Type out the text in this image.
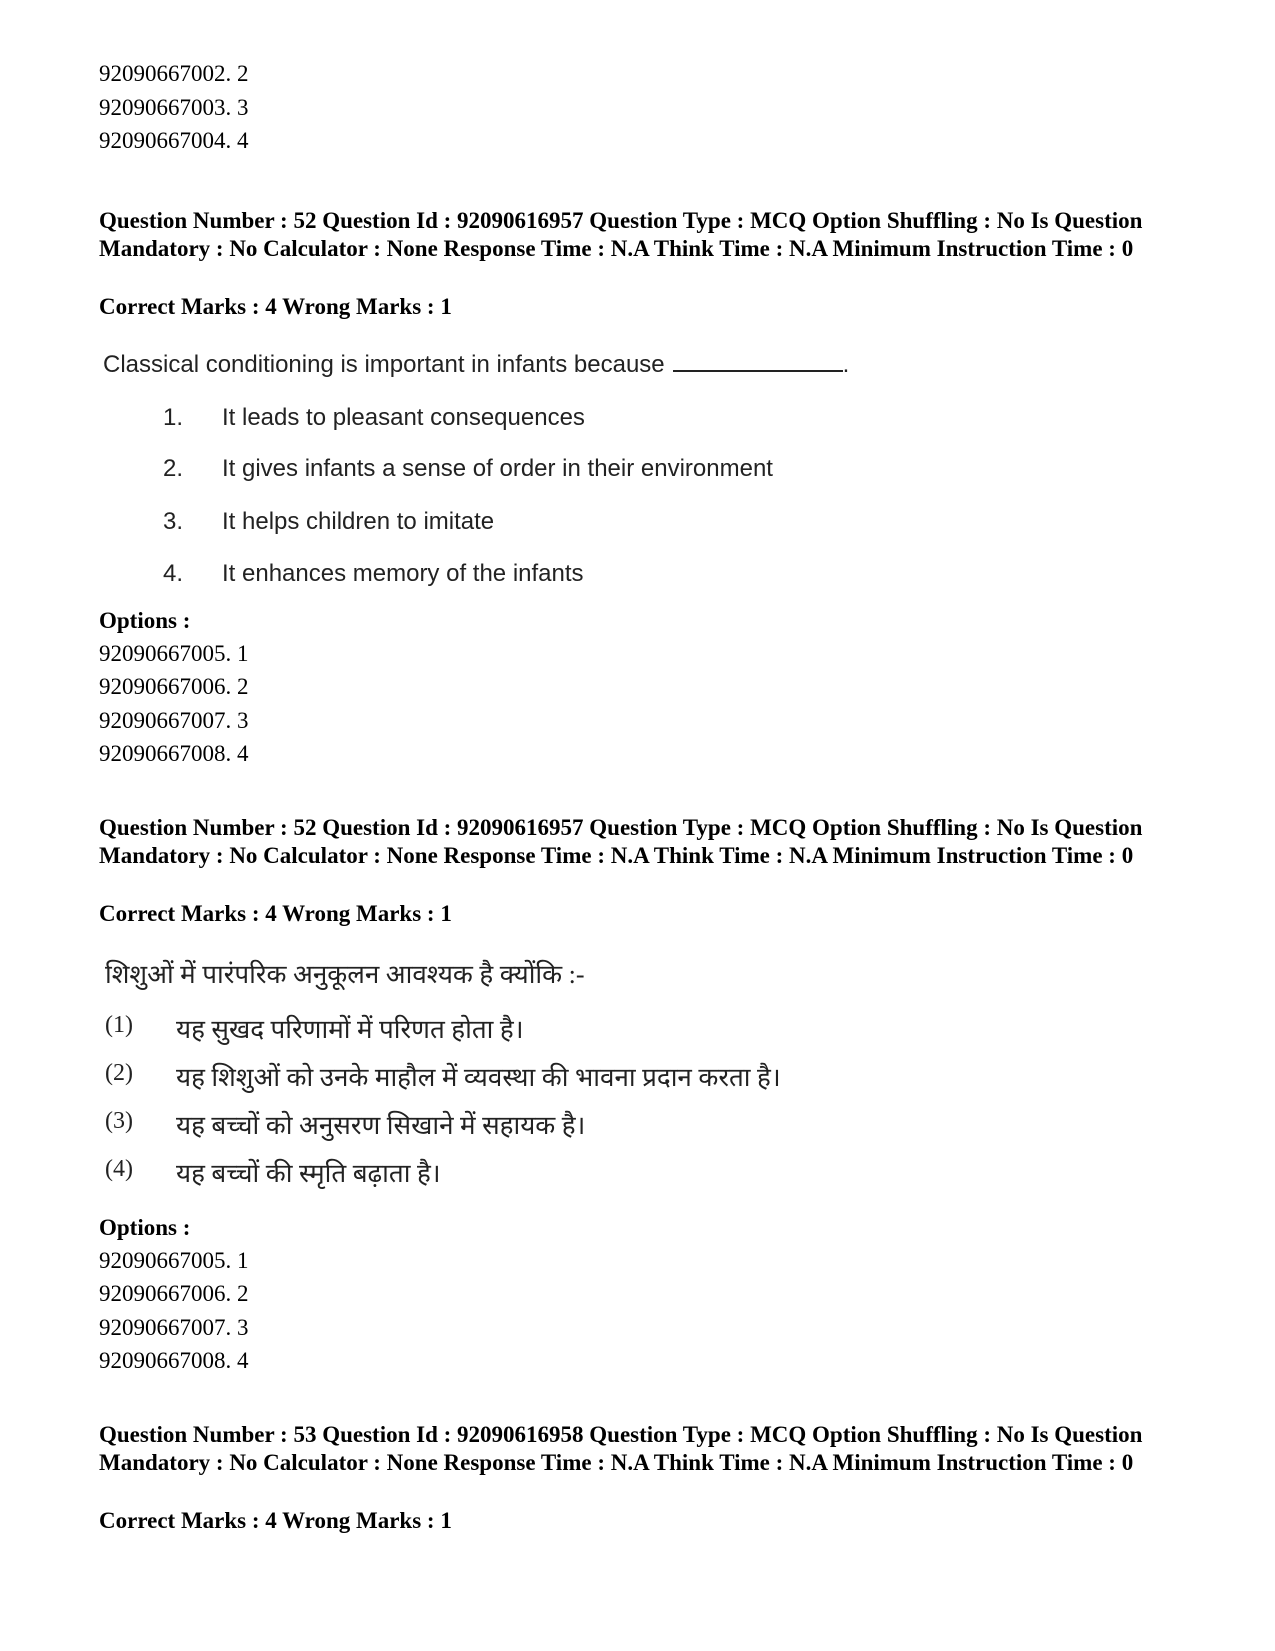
92090667002. 2
92090667003. 3
92090667004. 4
Question Number : 52 Question Id : 92090616957 Question Type : MCQ Option Shuffling : No Is Question Mandatory : No Calculator : None Response Time : N.A Think Time : N.A Minimum Instruction Time : 0
Correct Marks : 4 Wrong Marks : 1
Classical conditioning is important in infants because	.
1. It leads to pleasant consequences
2. It gives infants a sense of order in their environment
3. It helps children to imitate
4. It enhances memory of the infants
Options :
92090667005. 1
92090667006. 2
92090667007. 3
92090667008. 4
Question Number : 52 Question Id : 92090616957 Question Type : MCQ Option Shuffling : No Is Question Mandatory : No Calculator : None Response Time : N.A Think Time : N.A Minimum Instruction Time : 0
Correct Marks : 4 Wrong Marks : 1
शिशुओं में पारंपरिक अनुकूलन आवश्यक है क्योंकि :-
(1) यह सुखद परिणामों में परिणत होता है।
(2) यह शिशुओं को उनके माहौल में व्यवस्था की भावना प्रदान करता है।
(3) यह बच्चों को अनुसरण सिखाने में सहायक है।
(4) यह बच्चों की स्मृति बढ़ाता है।
Options :
92090667005. 1
92090667006. 2
92090667007. 3
92090667008. 4
Question Number : 53 Question Id : 92090616958 Question Type : MCQ Option Shuffling : No Is Question Mandatory : No Calculator : None Response Time : N.A Think Time : N.A Minimum Instruction Time : 0
Correct Marks : 4 Wrong Marks : 1
